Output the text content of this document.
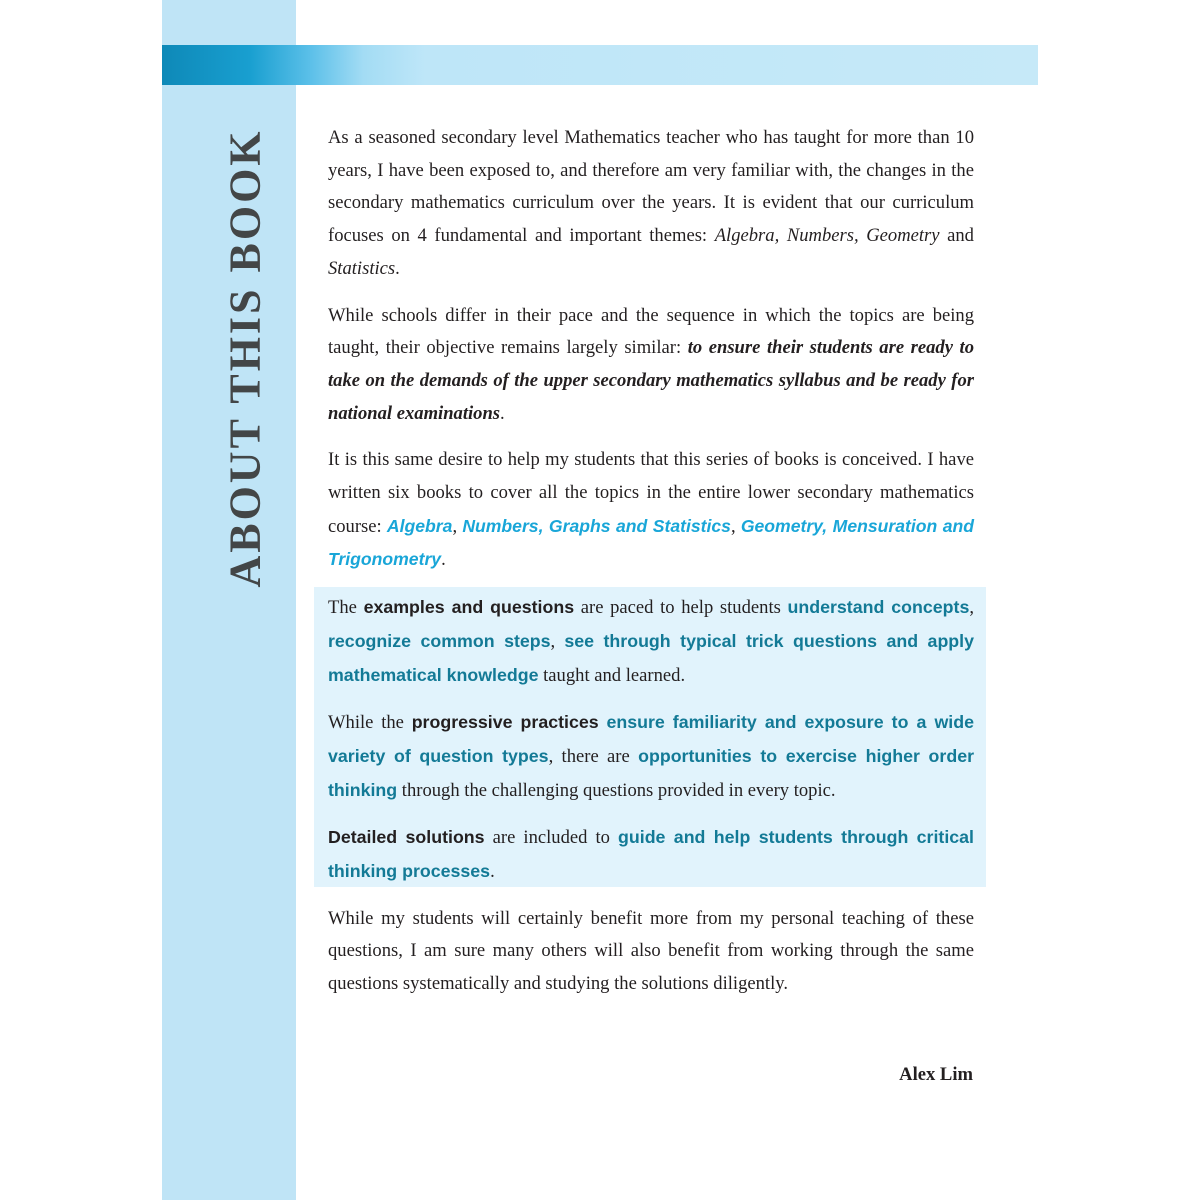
ABOUT THIS BOOK	As a seasoned secondary level Mathematics teacher who has taught for more than 10 years, I have been exposed to, and therefore am very familiar with, the changes in the secondary mathematics curriculum over the years. It is evident that our curriculum focuses on 4 fundamental and important themes: Algebra, Numbers, Geometry and Statistics.

While schools differ in their pace and the sequence in which the topics are being taught, their objective remains largely similar: to ensure their students are ready to take on the demands of the upper secondary mathematics syllabus and be ready for national examinations.

It is this same desire to help my students that this series of books is conceived. I have written six books to cover all the topics in the entire lower secondary mathematics course: Algebra, Numbers, Graphs and Statistics, Geometry, Mensuration and Trigonometry.

The examples and questions are paced to help students understand concepts, recognize common steps, see through typical trick questions and apply mathematical knowledge taught and learned.

While the progressive practices ensure familiarity and exposure to a wide variety of question types, there are opportunities to exercise higher order thinking through the challenging questions provided in every topic.

Detailed solutions are included to guide and help students through critical thinking processes.

While my students will certainly benefit more from my personal teaching of these questions, I am sure many others will also benefit from working through the same questions systematically and studying the solutions diligently.

Alex Lim
